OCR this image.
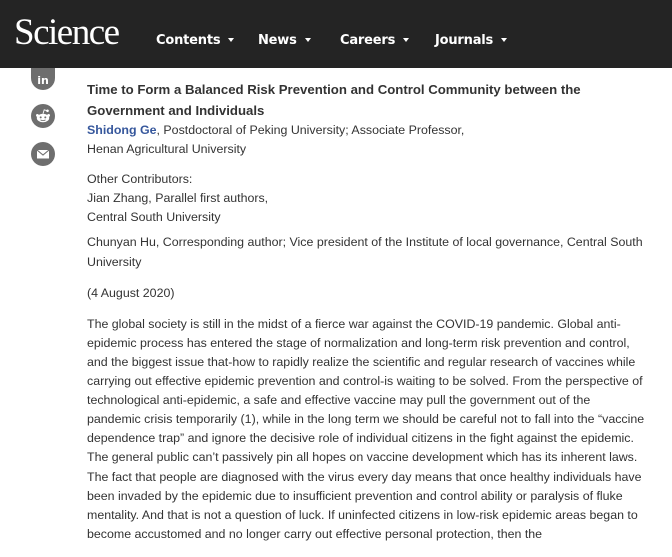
Science	Contents	News	Careers	Journals
in
Time to Form a Balanced Risk Prevention and Control Community between the Government and Individuals
Shidong Ge, Postdoctoral of Peking University; Associate Professor,
Henan Agricultural University
Other Contributors:
Jian Zhang, Parallel first authors,
Central South University
Chunyan Hu, Corresponding author; Vice president of the Institute of local governance, Central South University
(4 August 2020)

The global society is still in the midst of a fierce war against the COVID-19 pandemic. Global anti-epidemic process has entered the stage of normalization and long-term risk prevention and control, and the biggest issue that-how to rapidly realize the scientific and regular research of vaccines while carrying out effective epidemic prevention and control-is waiting to be solved. From the perspective of technological anti-epidemic, a safe and effective vaccine may pull the government out of the pandemic crisis temporarily (1), while in the long term we should be careful not to fall into the “vaccine dependence trap” and ignore the decisive role of individual citizens in the fight against the epidemic. The general public can’t passively pin all hopes on vaccine development which has its inherent laws.

The fact that people are diagnosed with the virus every day means that once healthy individuals have been invaded by the epidemic due to insufficient prevention and control ability or paralysis of fluke mentality. And that is not a question of luck. If uninfected citizens in low-risk epidemic areas began to become accustomed and no longer carry out effective personal protection, then the
